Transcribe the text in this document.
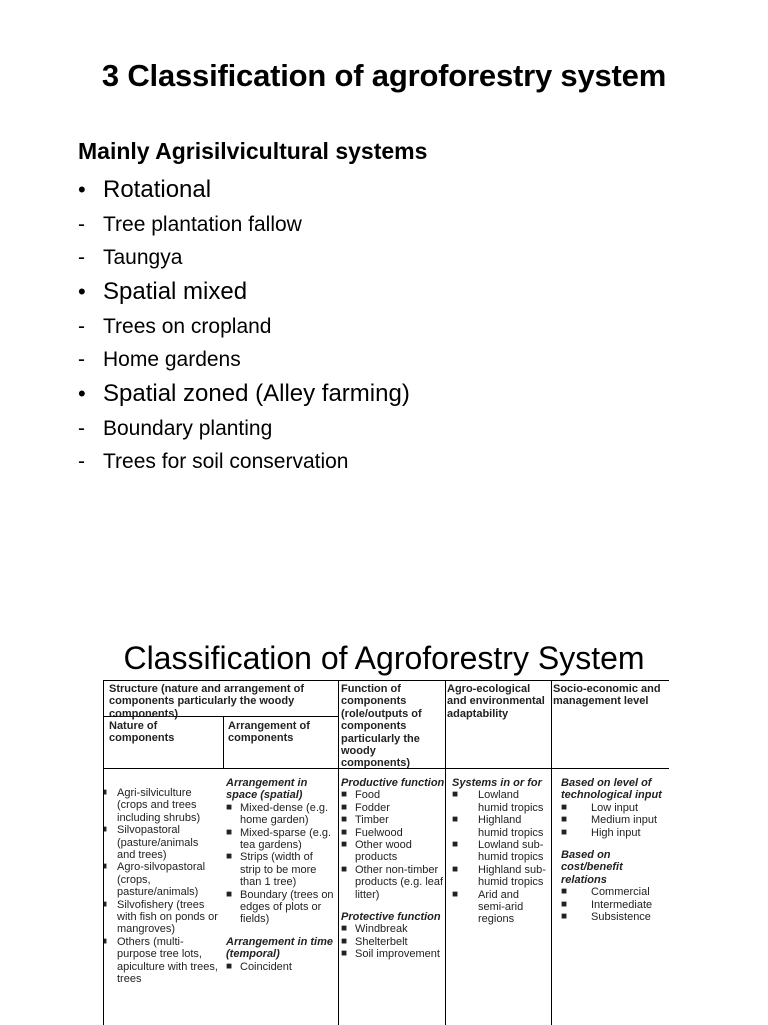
3 Classification of agroforestry system
Mainly Agrisilvicultural systems
• Rotational
- Tree plantation fallow
- Taungya
• Spatial mixed
- Trees on cropland
- Home gardens
• Spatial zoned (Alley farming)
- Boundary planting
- Trees for soil conservation
Classification of Agroforestry System
Structure (nature and arrangement of components particularly the woody components)
Nature of components
Arrangement of components
Function of components (role/outputs of components particularly the woody components)
Agro-ecological and environmental adaptability
Socio-economic and management level
■
Agri-silviculture (crops and trees including shrubs)
■
Silvopastoral (pasture/animals and trees)
■
Agro-silvopastoral (crops, pasture/animals)
■
Silvofishery (trees with fish on ponds or mangroves)
■
Others (multi-purpose tree lots, apiculture with trees, trees
Arrangement in space (spatial)
■
Mixed-dense (e.g. home garden)
■
Mixed-sparse (e.g. tea gardens)
■
Strips (width of strip to be more than 1 tree)
■
Boundary (trees on edges of plots or fields)
Arrangement in time (temporal)
■
Coincident
Productive function
■
Food
■
Fodder
■
Timber
■
Fuelwood
■
Other wood products
■
Other non-timber products (e.g. leaf litter)
Protective function
■
Windbreak
■
Shelterbelt
■
Soil improvement
Systems in or for
■
Lowland humid tropics
■
Highland humid tropics
■
Lowland sub-humid tropics
■
Highland sub-humid tropics
■
Arid and semi-arid regions
Based on level of technological input
■
Low input
■
Medium input
■
High input
Based on cost/benefit relations
■
Commercial
■
Intermediate
■
Subsistence
